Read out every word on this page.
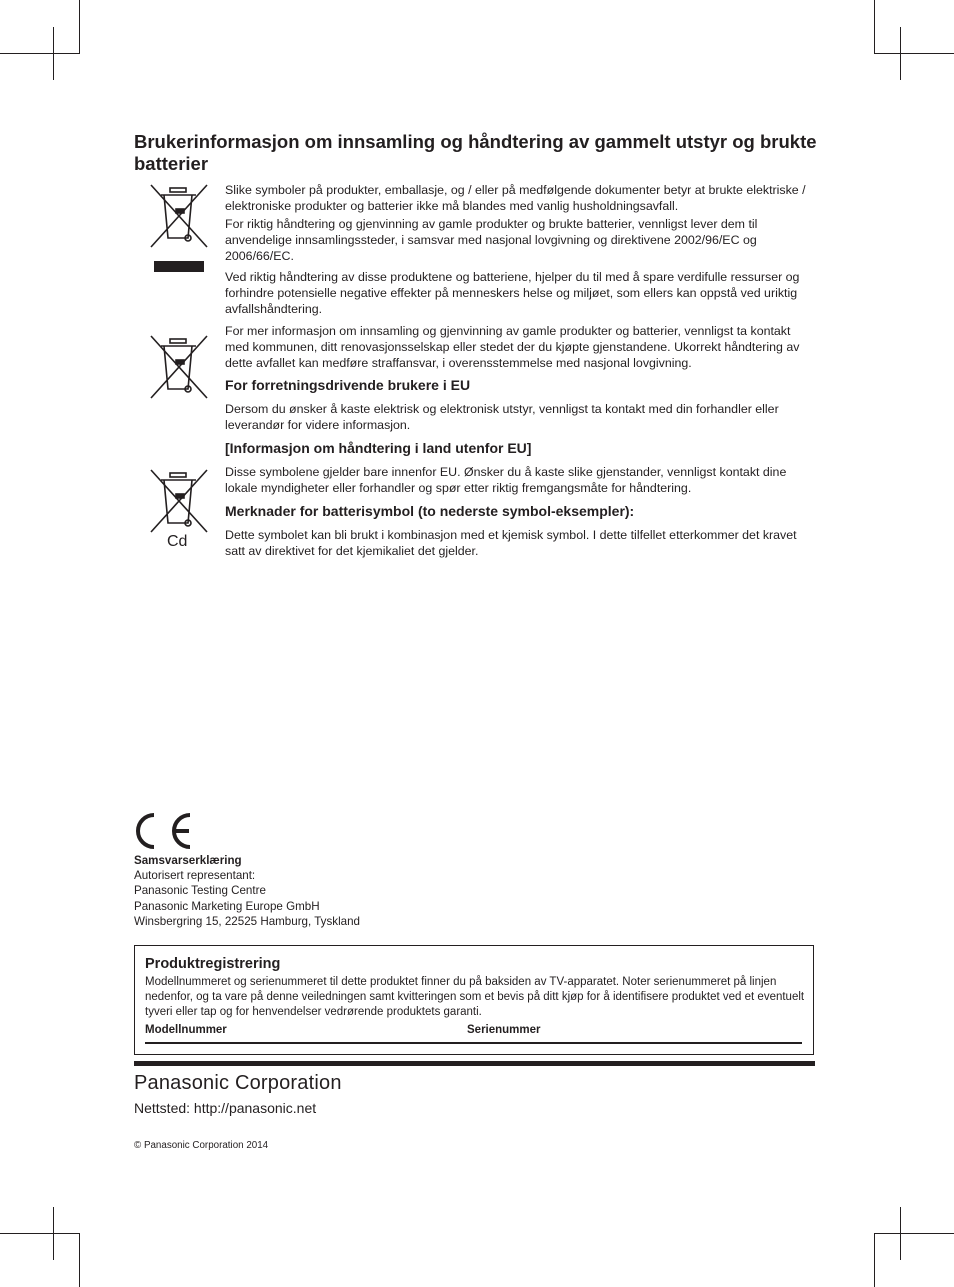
Brukerinformasjon om innsamling og håndtering av gammelt utstyr og brukte batterier
Cd

Slike symboler på produkter, emballasje, og / eller på medfølgende dokumenter betyr at brukte elektriske / elektroniske produkter og batterier ikke må blandes med vanlig husholdningsavfall.

For riktig håndtering og gjenvinning av gamle produkter og brukte batterier, vennligst lever dem til anvendelige innsamlingssteder, i samsvar med nasjonal lovgivning og direktivene 2002/96/EC og 2006/66/EC.

Ved riktig håndtering av disse produktene og batteriene, hjelper du til med å spare verdifulle ressurser og forhindre potensielle negative effekter på menneskers helse og miljøet, som ellers kan oppstå ved uriktig avfallshåndtering.

For mer informasjon om innsamling og gjenvinning av gamle produkter og batterier, vennligst ta kontakt med kommunen, ditt renovasjonsselskap eller stedet der du kjøpte gjenstandene. Ukorrekt håndtering av dette avfallet kan medføre straffansvar, i overensstemmelse med nasjonal lovgivning.

For forretningsdrivende brukere i EU

Dersom du ønsker å kaste elektrisk og elektronisk utstyr, vennligst ta kontakt med din forhandler eller leverandør for videre informasjon.

[Informasjon om håndtering i land utenfor EU]

Disse symbolene gjelder bare innenfor EU. Ønsker du å kaste slike gjenstander, vennligst kontakt dine lokale myndigheter eller forhandler og spør etter riktig fremgangsmåte for håndtering.

Merknader for batterisymbol (to nederste symbol-eksempler):

Dette symbolet kan bli brukt i kombinasjon med et kjemisk symbol. I dette tilfellet etterkommer det kravet satt av direktivet for det kjemikaliet det gjelder.

Samsvarserklæring
Autorisert representant:
Panasonic Testing Centre
Panasonic Marketing Europe GmbH
Winsbergring 15, 22525 Hamburg, Tyskland
Produktregistrering
Modellnummeret og serienummeret til dette produktet finner du på baksiden av TV-apparatet. Noter serienummeret på linjen nedenfor, og ta vare på denne veiledningen samt kvitteringen som et bevis på ditt kjøp for å identifisere produktet ved et eventuelt tyveri eller tap og for henvendelser vedrørende produktets garanti.
Modellnummer	Serienummer
Panasonic Corporation
Nettsted: http://panasonic.net
© Panasonic Corporation 2014
